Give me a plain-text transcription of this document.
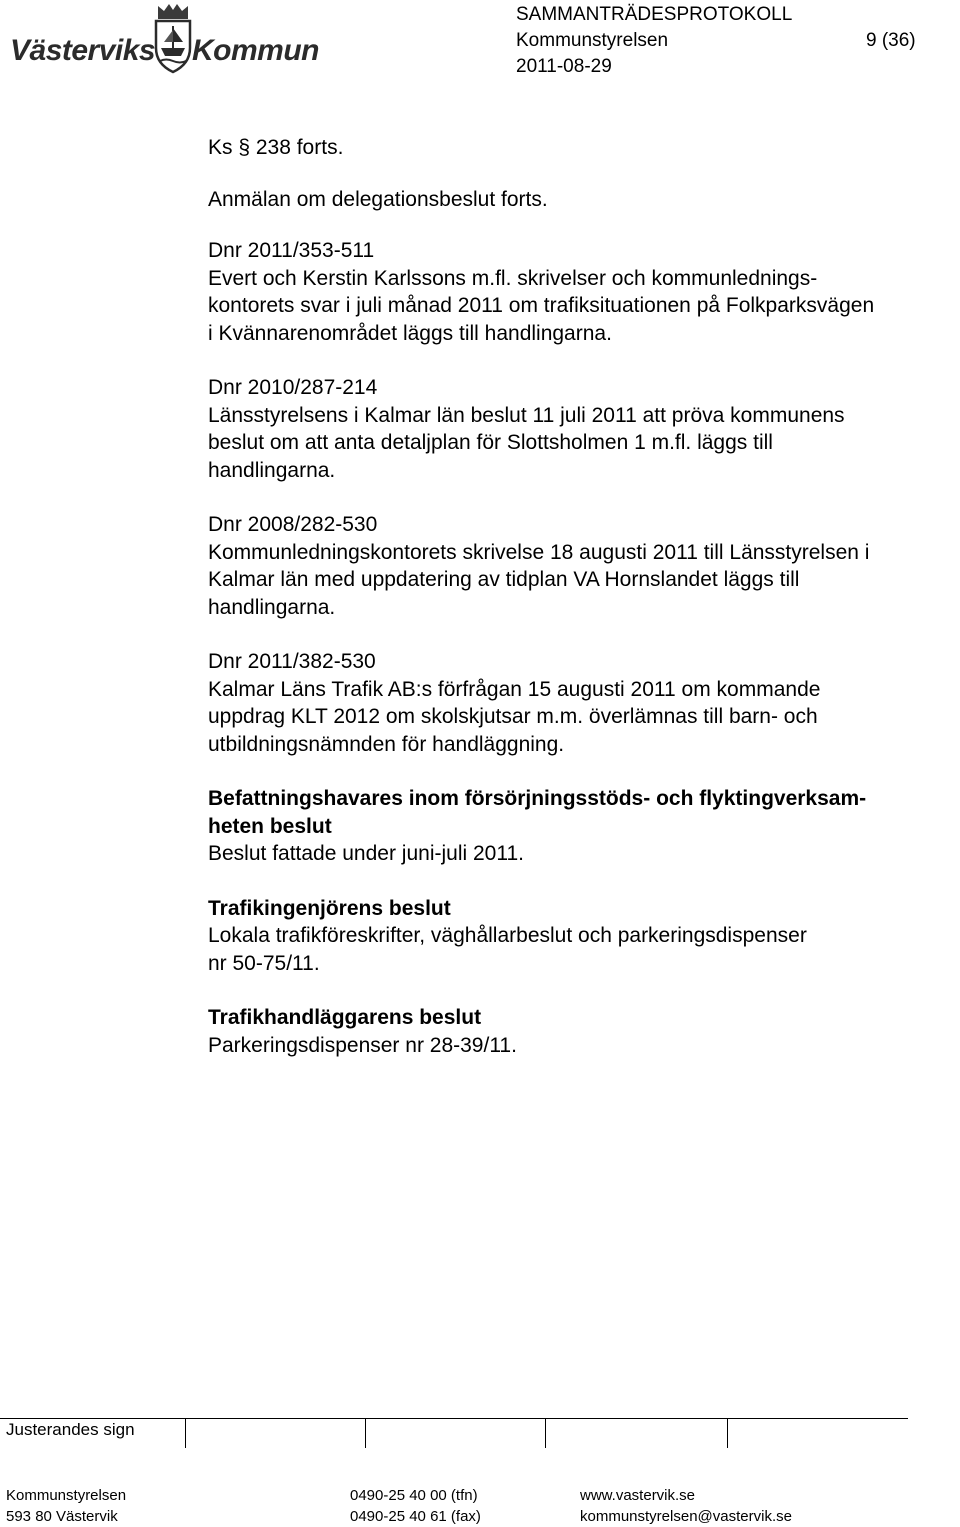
Västerviks Kommun
SAMMANTRÄDESPROTOKOLL
Kommunstyrelsen
2011-08-29
9 (36)

Ks § 238 forts.

Anmälan om delegationsbeslut forts.

Dnr 2011/353-511
Evert och Kerstin Karlssons m.fl. skrivelser och kommunlednings-
kontorets svar i juli månad 2011 om trafiksituationen på Folkparksvägen
i Kvännarenområdet läggs till handlingarna.
Dnr 2010/287-214
Länsstyrelsens i Kalmar län beslut 11 juli 2011 att pröva kommunens
beslut om att anta detaljplan för Slottsholmen 1 m.fl. läggs till
handlingarna.
Dnr 2008/282-530
Kommunledningskontorets skrivelse 18 augusti 2011 till Länsstyrelsen i
Kalmar län med uppdatering av tidplan VA Hornslandet läggs till
handlingarna.
Dnr 2011/382-530
Kalmar Läns Trafik AB:s förfrågan 15 augusti 2011 om kommande
uppdrag KLT 2012 om skolskjutsar m.m. överlämnas till barn- och
utbildningsnämnden för handläggning.
Befattningshavares inom försörjningsstöds- och flyktingverksam-
heten beslut
Beslut fattade under juni-juli 2011.
Trafikingenjörens beslut
Lokala trafikföreskrifter, väghållarbeslut och parkeringsdispenser
nr 50-75/11.
Trafikhandläggarens beslut
Parkeringsdispenser nr 28-39/11.
Justerandes sign
Kommunstyrelsen
593 80 Västervik
0490-25 40 00 (tfn)
0490-25 40 61 (fax)
www.vastervik.se
kommunstyrelsen@vastervik.se
